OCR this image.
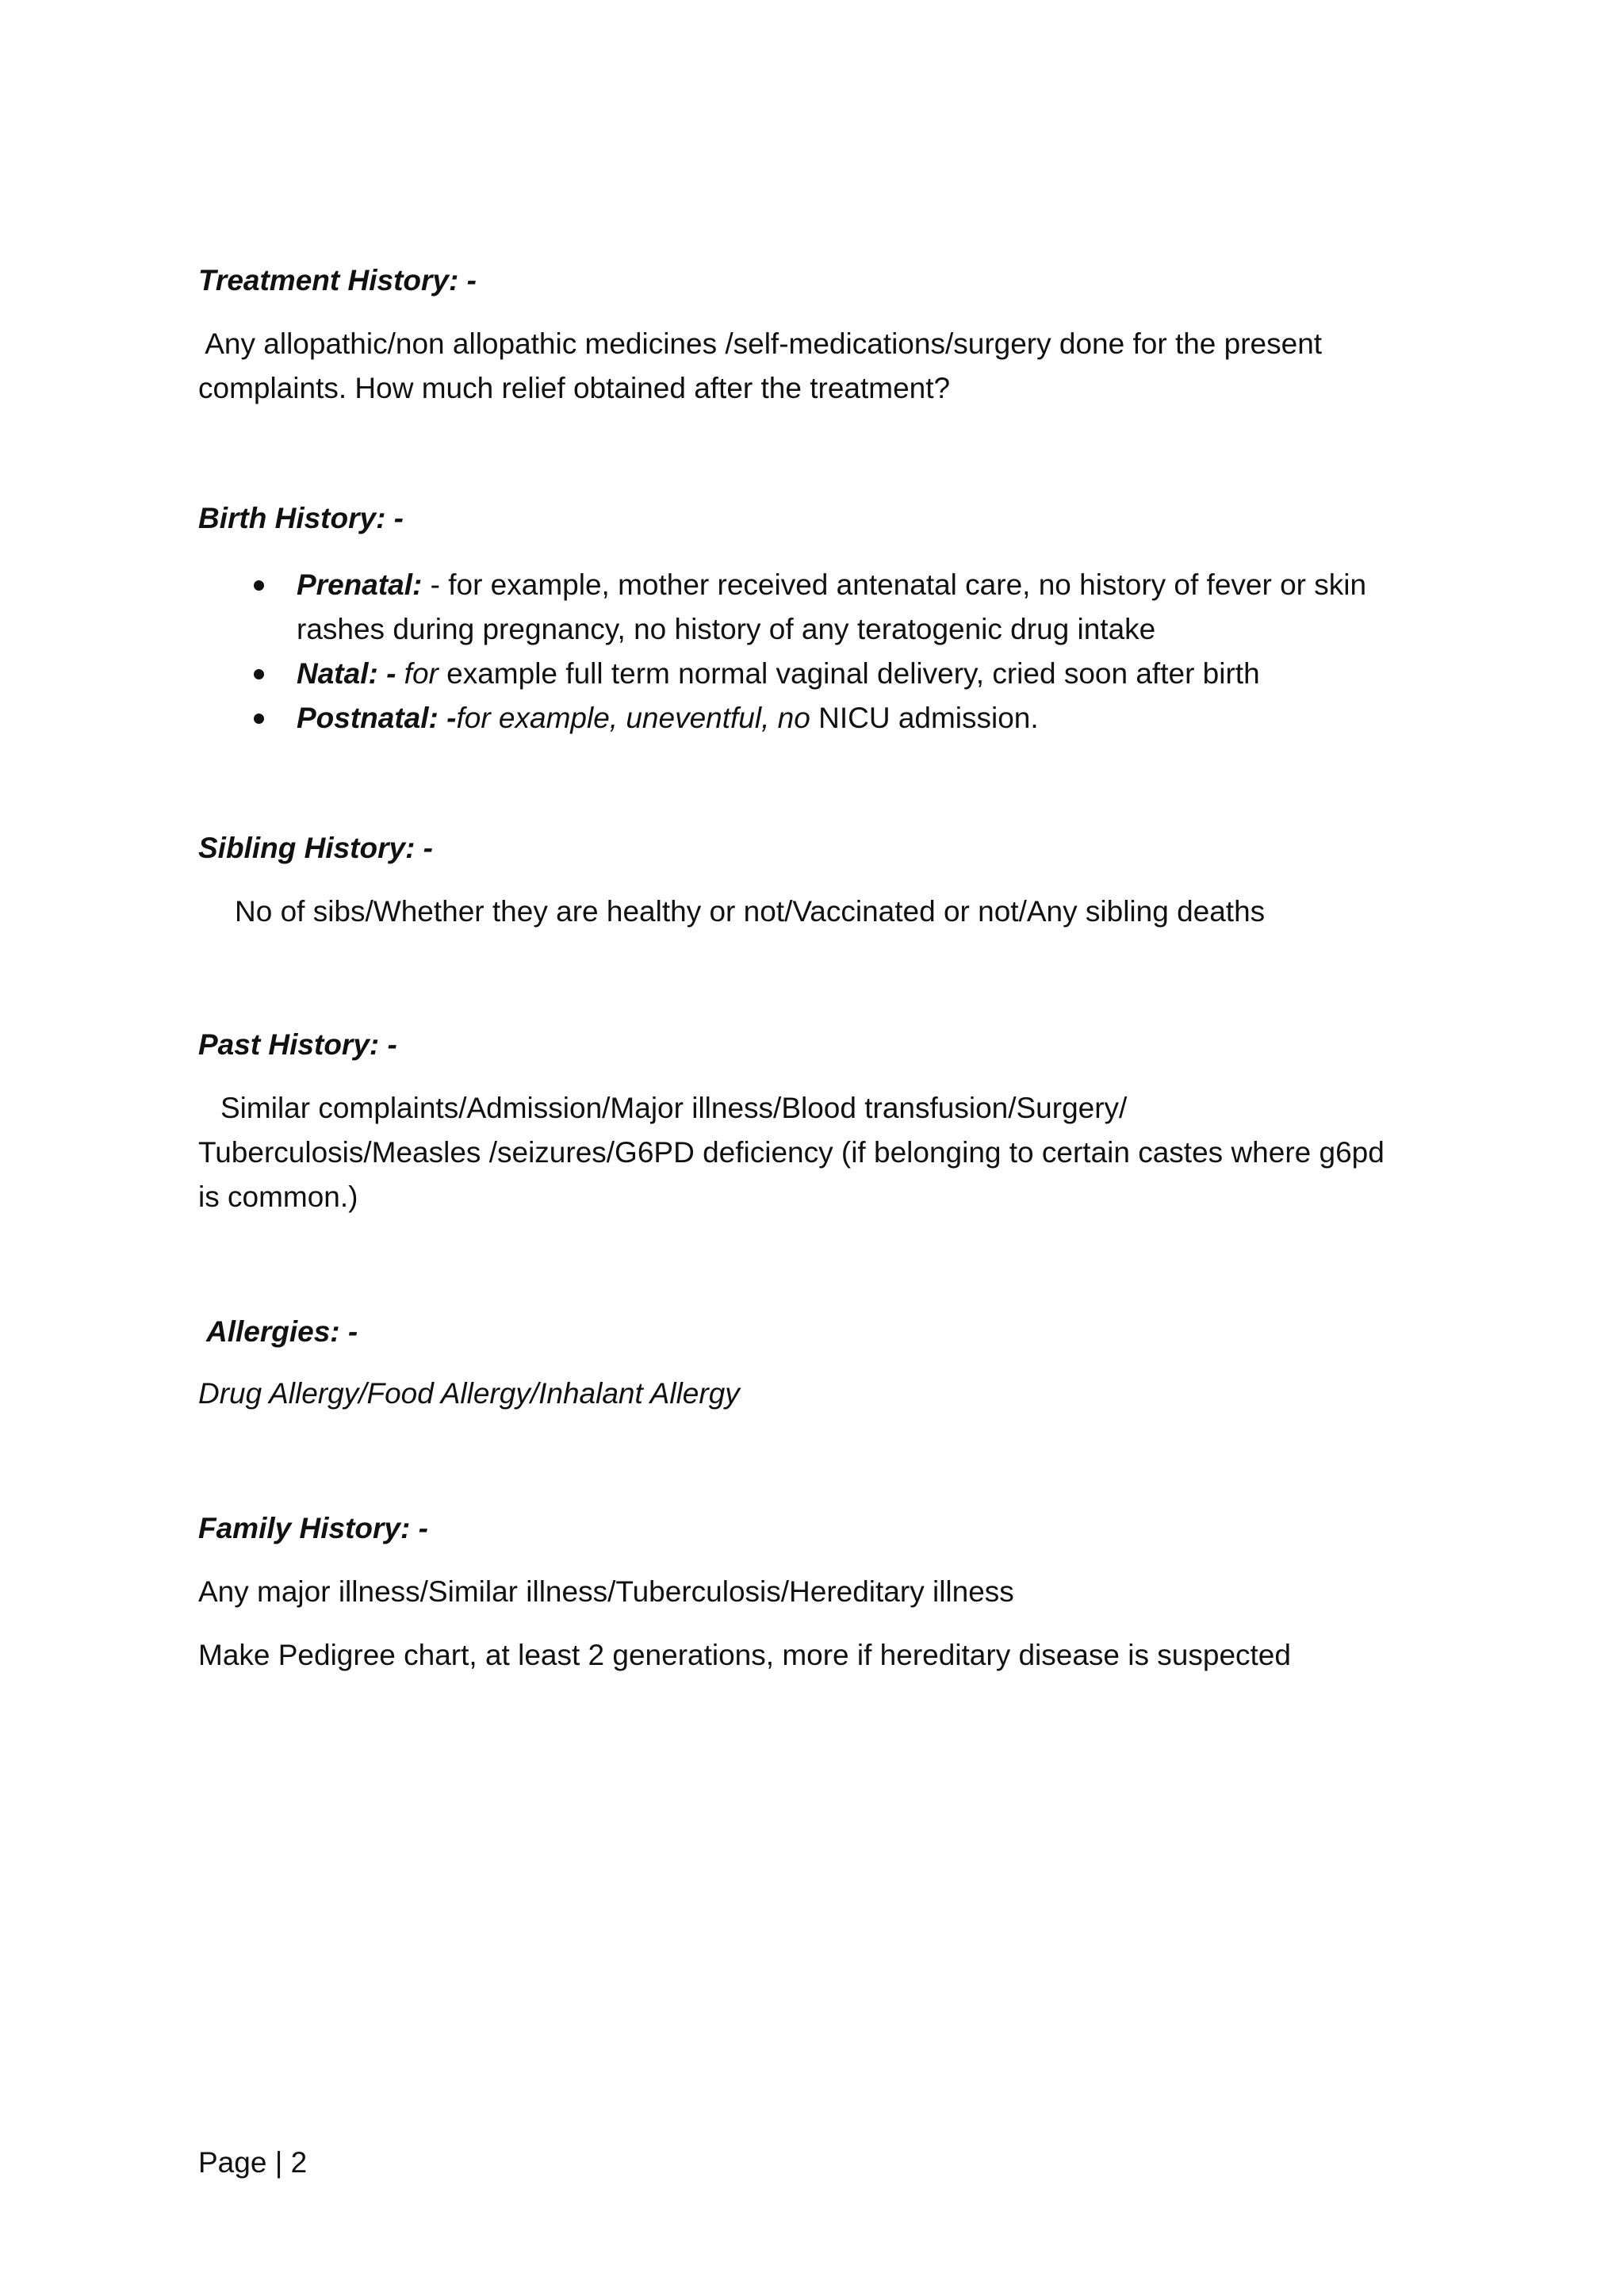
Treatment History: -

Any allopathic/non allopathic medicines /self-medications/surgery done for the present

complaints. How much relief obtained after the treatment?

Birth History: -

Prenatal: - for example, mother received antenatal care, no history of fever or skin
rashes during pregnancy, no history of any teratogenic drug intake
Natal: - for example full term normal vaginal delivery, cried soon after birth
Postnatal: -for example, uneventful, no NICU admission.

Sibling History: -

No of sibs/Whether they are healthy or not/Vaccinated or not/Any sibling deaths

Past History: -

Similar complaints/Admission/Major illness/Blood transfusion/Surgery/

Tuberculosis/Measles /seizures/G6PD deficiency (if belonging to certain castes where g6pd

is common.)

Allergies: -

Drug Allergy/Food Allergy/Inhalant Allergy

Family History: -

Any major illness/Similar illness/Tuberculosis/Hereditary illness

Make Pedigree chart, at least 2 generations, more if hereditary disease is suspected

Page | 2
